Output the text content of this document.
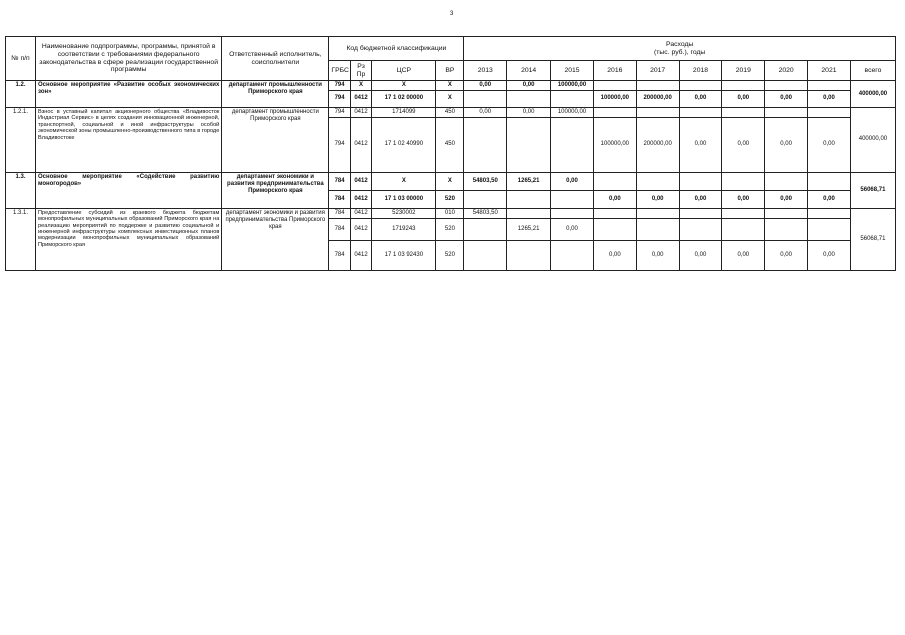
3
№ п/п	Наименование подпрограммы, программы, принятой в соответствии с требованиями федерального законодательства в сфере реализации государственной программы	Ответственный исполнитель, соисполнители	Код бюджетной классификации				Расходы
(тыс. руб.), годы									

			ГРБС	Рз Пр	ЦСР	ВР	2013	2014	2015	2016	2017	2018	2019	2020	2021	всего
1.2.	Основное мероприятие «Развитие особых экономических зон»	департамент промышленности Приморского края	794	X	X	X	0,00	0,00	100000,00							400000,00
			794	0412	17 1 02 00000	X				100000,00	200000,00	0,00	0,00	0,00	0,00	
1.2.1.	Взнос в уставный капитал акционерного общества «Владивосток Индастриал Сервис» в целях создания инновационной инженерной, транспортной, социальной и иной инфраструктуры особой экономической зоны промышленно-производственного типа в городе Владивостоке	департамент промышленности Приморского края	794	0412	1714099	450	0,00	0,00	100000,00							400000,00
			794	0412	17 1 02 40990	450				100000,00	200000,00	0,00	0,00	0,00	0,00	
1.3.	Основное мероприятие «Содействие развитию моногородов»	департамент экономики и развития предпринимательства Приморского края	784	0412	X	X	54803,50	1265,21	0,00							56068,71
			784	0412	17 1 03 00000	520				0,00	0,00	0,00	0,00	0,00	0,00	
1.3.1.	Предоставление субсидий из краевого бюджета бюджетам монопрофильных муниципальных образований Приморского края на реализацию мероприятий по поддержке и развитию социальной и инженерной инфраструктуры комплексных инвестиционных планов модернизации монопрофильных муниципальных образований Приморского края	департамент экономики и развития предпринимательства Приморского края	784	0412	5230002	010	54803,50									56068,71
			784	0412	1719243	520		1265,21	0,00							
			784	0412	17 1 03 92430	520				0,00	0,00	0,00	0,00	0,00	0,00	
